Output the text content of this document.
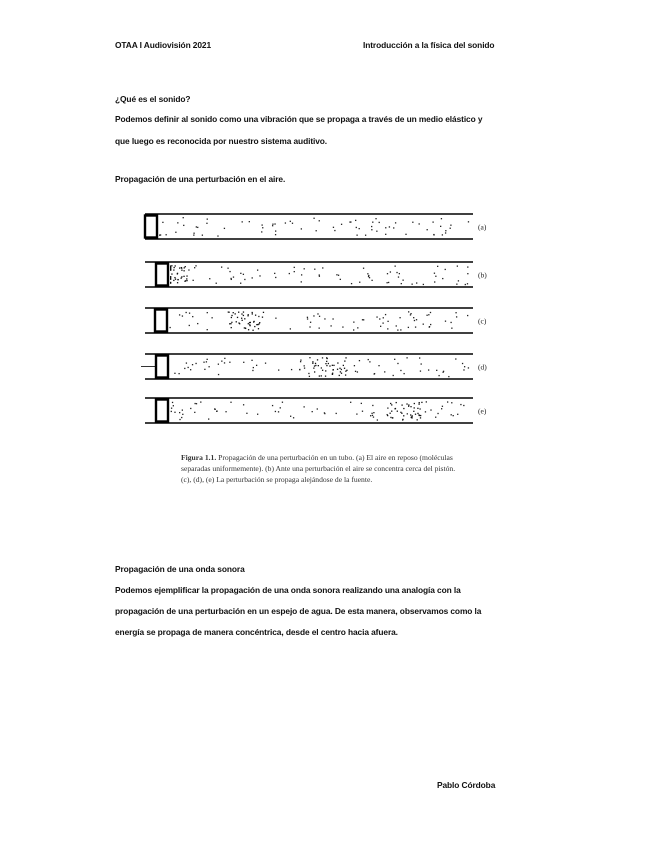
OTAA I Audiovisión 2021	Introducción a la física del sonido
¿Qué es el sonido?
Podemos definir al sonido como una vibración que se propaga a través de un medio elástico y
que luego es reconocida por nuestro sistema auditivo.
Propagación de una perturbación en el aire.
(a)
(b)
(c)
(d)
(e)
Figura 1.1. Propagación de una perturbación en un tubo. (a) El aire en reposo (moléculas separadas uniformemente). (b) Ante una perturbación el aire se concentra cerca del pistón. (c), (d), (e) La perturbación se propaga alejándose de la fuente.
Propagación de una onda sonora
Podemos ejemplificar la propagación de una onda sonora realizando una analogía con la
propagación de una perturbación en un espejo de agua. De esta manera, observamos como la
energía se propaga de manera concéntrica, desde el centro hacia afuera.
Pablo Córdoba
